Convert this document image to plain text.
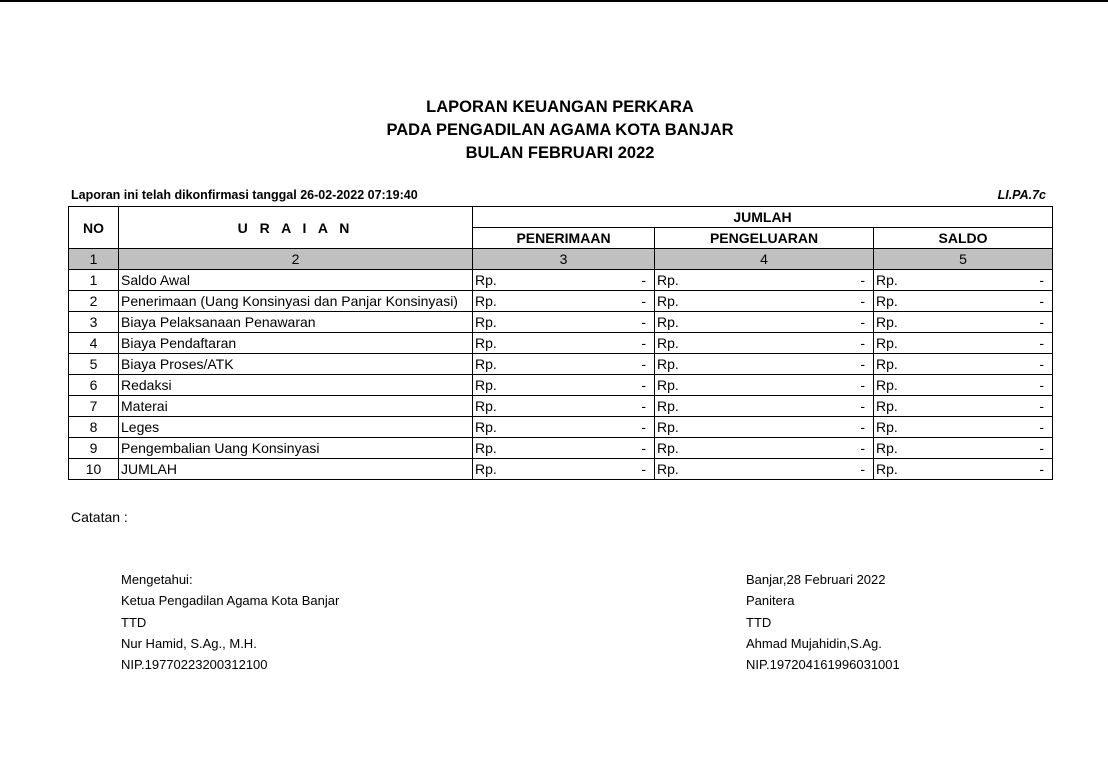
LAPORAN KEUANGAN PERKARA
PADA PENGADILAN AGAMA KOTA BANJAR
BULAN FEBRUARI 2022
Laporan ini telah dikonfirmasi tanggal 26-02-2022 07:19:40	LI.PA.7c
NO	U R A I A N	JUMLAH		
		PENERIMAAN	PENGELUARAN	SALDO
1	2	3	4	5
1	Saldo Awal	Rp. -	Rp. -	Rp. -

2	Penerimaan (Uang Konsinyasi dan Panjar Konsinyasi)	Rp. -	Rp. -	Rp. -

3	Biaya Pelaksanaan Penawaran	Rp. -	Rp. -	Rp. -

4	Biaya Pendaftaran	Rp. -	Rp. -	Rp. -

5	Biaya Proses/ATK	Rp. -	Rp. -	Rp. -

6	Redaksi	Rp. -	Rp. -	Rp. -

7	Materai	Rp. -	Rp. -	Rp. -

8	Leges	Rp. -	Rp. -	Rp. -

9	Pengembalian Uang Konsinyasi	Rp. -	Rp. -	Rp. -

10	JUMLAH	Rp. -	Rp. -	Rp. -
Catatan :
Mengetahui:
Ketua Pengadilan Agama Kota Banjar
TTD
Nur Hamid, S.Ag., M.H.
NIP.19770223200312100
Banjar,28 Februari 2022
Panitera
TTD
Ahmad Mujahidin,S.Ag.
NIP.197204161996031001
